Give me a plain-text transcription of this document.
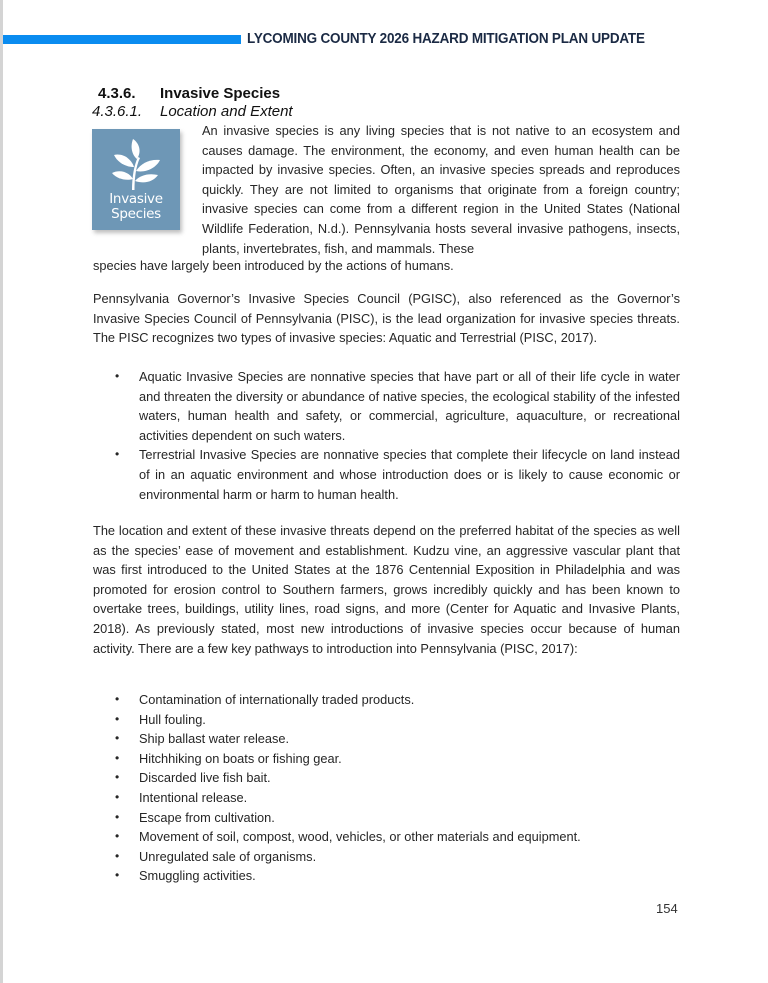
LYCOMING COUNTY 2026 HAZARD MITIGATION PLAN UPDATE
4.3.6. Invasive Species
4.3.6.1. Location and Extent
Invasive
Species
An invasive species is any living species that is not native to an ecosystem and causes damage. The environment, the economy, and even human health can be impacted by invasive species. Often, an invasive species spreads and reproduces quickly. They are not limited to organisms that originate from a foreign country; invasive species can come from a different region in the United States (National Wildlife Federation, N.d.). Pennsylvania hosts several invasive pathogens, insects, plants, invertebrates, fish, and mammals. These
species have largely been introduced by the actions of humans.
Pennsylvania Governor’s Invasive Species Council (PGISC), also referenced as the Governor’s Invasive Species Council of Pennsylvania (PISC), is the lead organization for invasive species threats. The PISC recognizes two types of invasive species: Aquatic and Terrestrial (PISC, 2017).
• Aquatic Invasive Species are nonnative species that have part or all of their life cycle in water and threaten the diversity or abundance of native species, the ecological stability of the infested waters, human health and safety, or commercial, agriculture, aquaculture, or recreational activities dependent on such waters.
• Terrestrial Invasive Species are nonnative species that complete their lifecycle on land instead of in an aquatic environment and whose introduction does or is likely to cause economic or environmental harm or harm to human health.
The location and extent of these invasive threats depend on the preferred habitat of the species as well as the species’ ease of movement and establishment. Kudzu vine, an aggressive vascular plant that was first introduced to the United States at the 1876 Centennial Exposition in Philadelphia and was promoted for erosion control to Southern farmers, grows incredibly quickly and has been known to overtake trees, buildings, utility lines, road signs, and more (Center for Aquatic and Invasive Plants, 2018). As previously stated, most new introductions of invasive species occur because of human activity. There are a few key pathways to introduction into Pennsylvania (PISC, 2017):
• Contamination of internationally traded products.
• Hull fouling.
• Ship ballast water release.
• Hitchhiking on boats or fishing gear.
• Discarded live fish bait.
• Intentional release.
• Escape from cultivation.
• Movement of soil, compost, wood, vehicles, or other materials and equipment.
• Unregulated sale of organisms.
• Smuggling activities.
154
